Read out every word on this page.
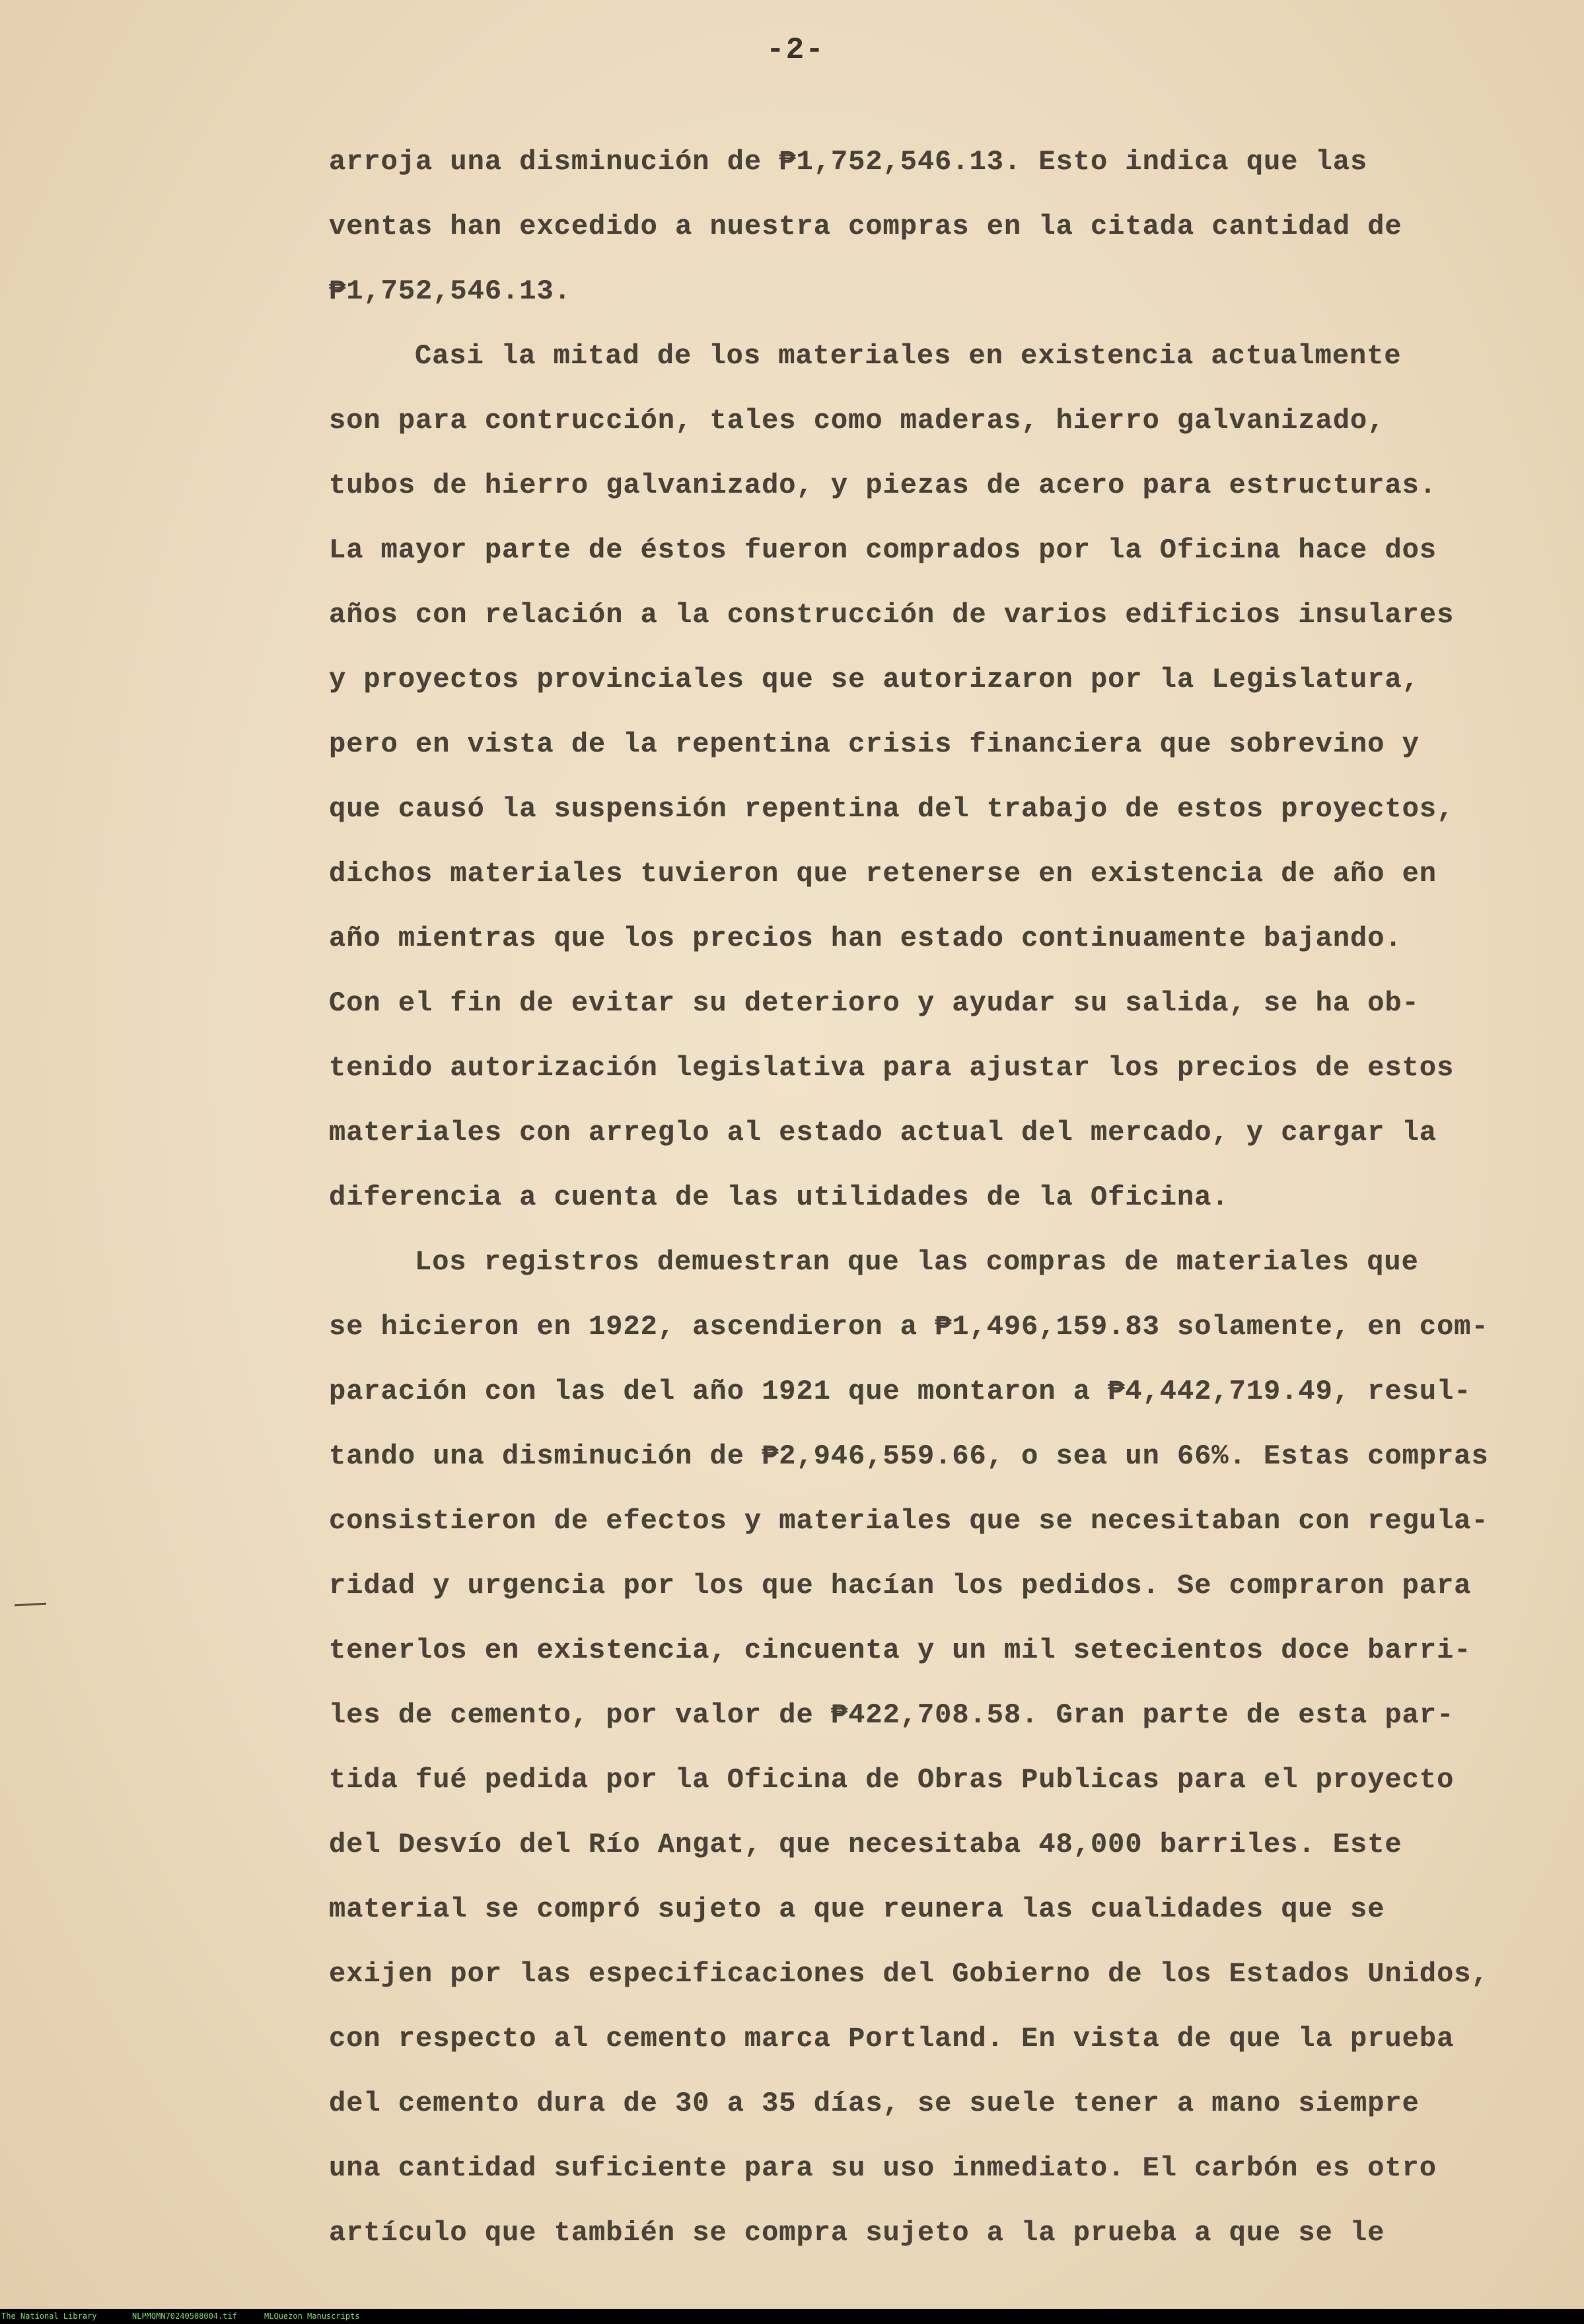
-2-
arroja una disminución de ₱1,752,546.13. Esto indica que las
ventas han excedido a nuestra compras en la citada cantidad de
₱1,752,546.13.
Casi la mitad de los materiales en existencia actualmente
son para contrucción, tales como maderas, hierro galvanizado,
tubos de hierro galvanizado, y piezas de acero para estructuras.
La mayor parte de éstos fueron comprados por la Oficina hace dos
años con relación a la construcción de varios edificios insulares
y proyectos provinciales que se autorizaron por la Legislatura,
pero en vista de la repentina crisis financiera que sobrevino y
que causó la suspensión repentina del trabajo de estos proyectos,
dichos materiales tuvieron que retenerse en existencia de año en
año mientras que los precios han estado continuamente bajando.
Con el fin de evitar su deterioro y ayudar su salida, se ha ob-
tenido autorización legislativa para ajustar los precios de estos
materiales con arreglo al estado actual del mercado, y cargar la
diferencia a cuenta de las utilidades de la Oficina.
Los registros demuestran que las compras de materiales que
se hicieron en 1922, ascendieron a ₱1,496,159.83 solamente, en com-
paración con las del año 1921 que montaron a ₱4,442,719.49, resul-
tando una disminución de ₱2,946,559.66, o sea un 66%. Estas compras
consistieron de efectos y materiales que se necesitaban con regula-
ridad y urgencia por los que hacían los pedidos. Se compraron para
tenerlos en existencia, cincuenta y un mil setecientos doce barri-
les de cemento, por valor de ₱422,708.58. Gran parte de esta par-
tida fué pedida por la Oficina de Obras Publicas para el proyecto
del Desvío del Río Angat, que necesitaba 48,000 barriles. Este
material se compró sujeto a que reunera las cualidades que se
exijen por las especificaciones del Gobierno de los Estados Unidos,
con respecto al cemento marca Portland. En vista de que la prueba
del cemento dura de 30 a 35 días, se suele tener a mano siempre
una cantidad suficiente para su uso inmediato. El carbón es otro
artículo que también se compra sujeto a la prueba a que se le
The National Library	NLPMQMN70240508004.tif	MLQuezon Manuscripts
